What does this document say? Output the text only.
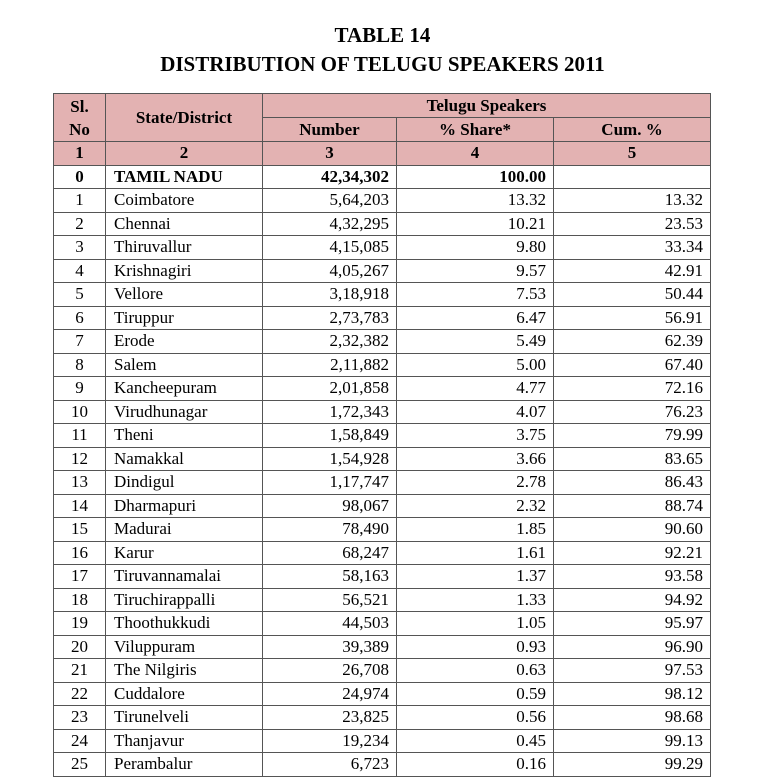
TABLE 14
DISTRIBUTION OF TELUGU SPEAKERS 2011
Sl.
No	State/District	Telugu Speakers		
		Number	% Share*	Cum. %
1	2	3	4	5
0	TAMIL NADU	42,34,302	100.00	
1	Coimbatore	5,64,203	13.32	13.32
2	Chennai	4,32,295	10.21	23.53
3	Thiruvallur	4,15,085	9.80	33.34
4	Krishnagiri	4,05,267	9.57	42.91
5	Vellore	3,18,918	7.53	50.44
6	Tiruppur	2,73,783	6.47	56.91
7	Erode	2,32,382	5.49	62.39
8	Salem	2,11,882	5.00	67.40
9	Kancheepuram	2,01,858	4.77	72.16
10	Virudhunagar	1,72,343	4.07	76.23
11	Theni	1,58,849	3.75	79.99
12	Namakkal	1,54,928	3.66	83.65
13	Dindigul	1,17,747	2.78	86.43
14	Dharmapuri	98,067	2.32	88.74
15	Madurai	78,490	1.85	90.60
16	Karur	68,247	1.61	92.21
17	Tiruvannamalai	58,163	1.37	93.58
18	Tiruchirappalli	56,521	1.33	94.92
19	Thoothukkudi	44,503	1.05	95.97
20	Viluppuram	39,389	0.93	96.90
21	The Nilgiris	26,708	0.63	97.53
22	Cuddalore	24,974	0.59	98.12
23	Tirunelveli	23,825	0.56	98.68
24	Thanjavur	19,234	0.45	99.13
25	Perambalur	6,723	0.16	99.29
